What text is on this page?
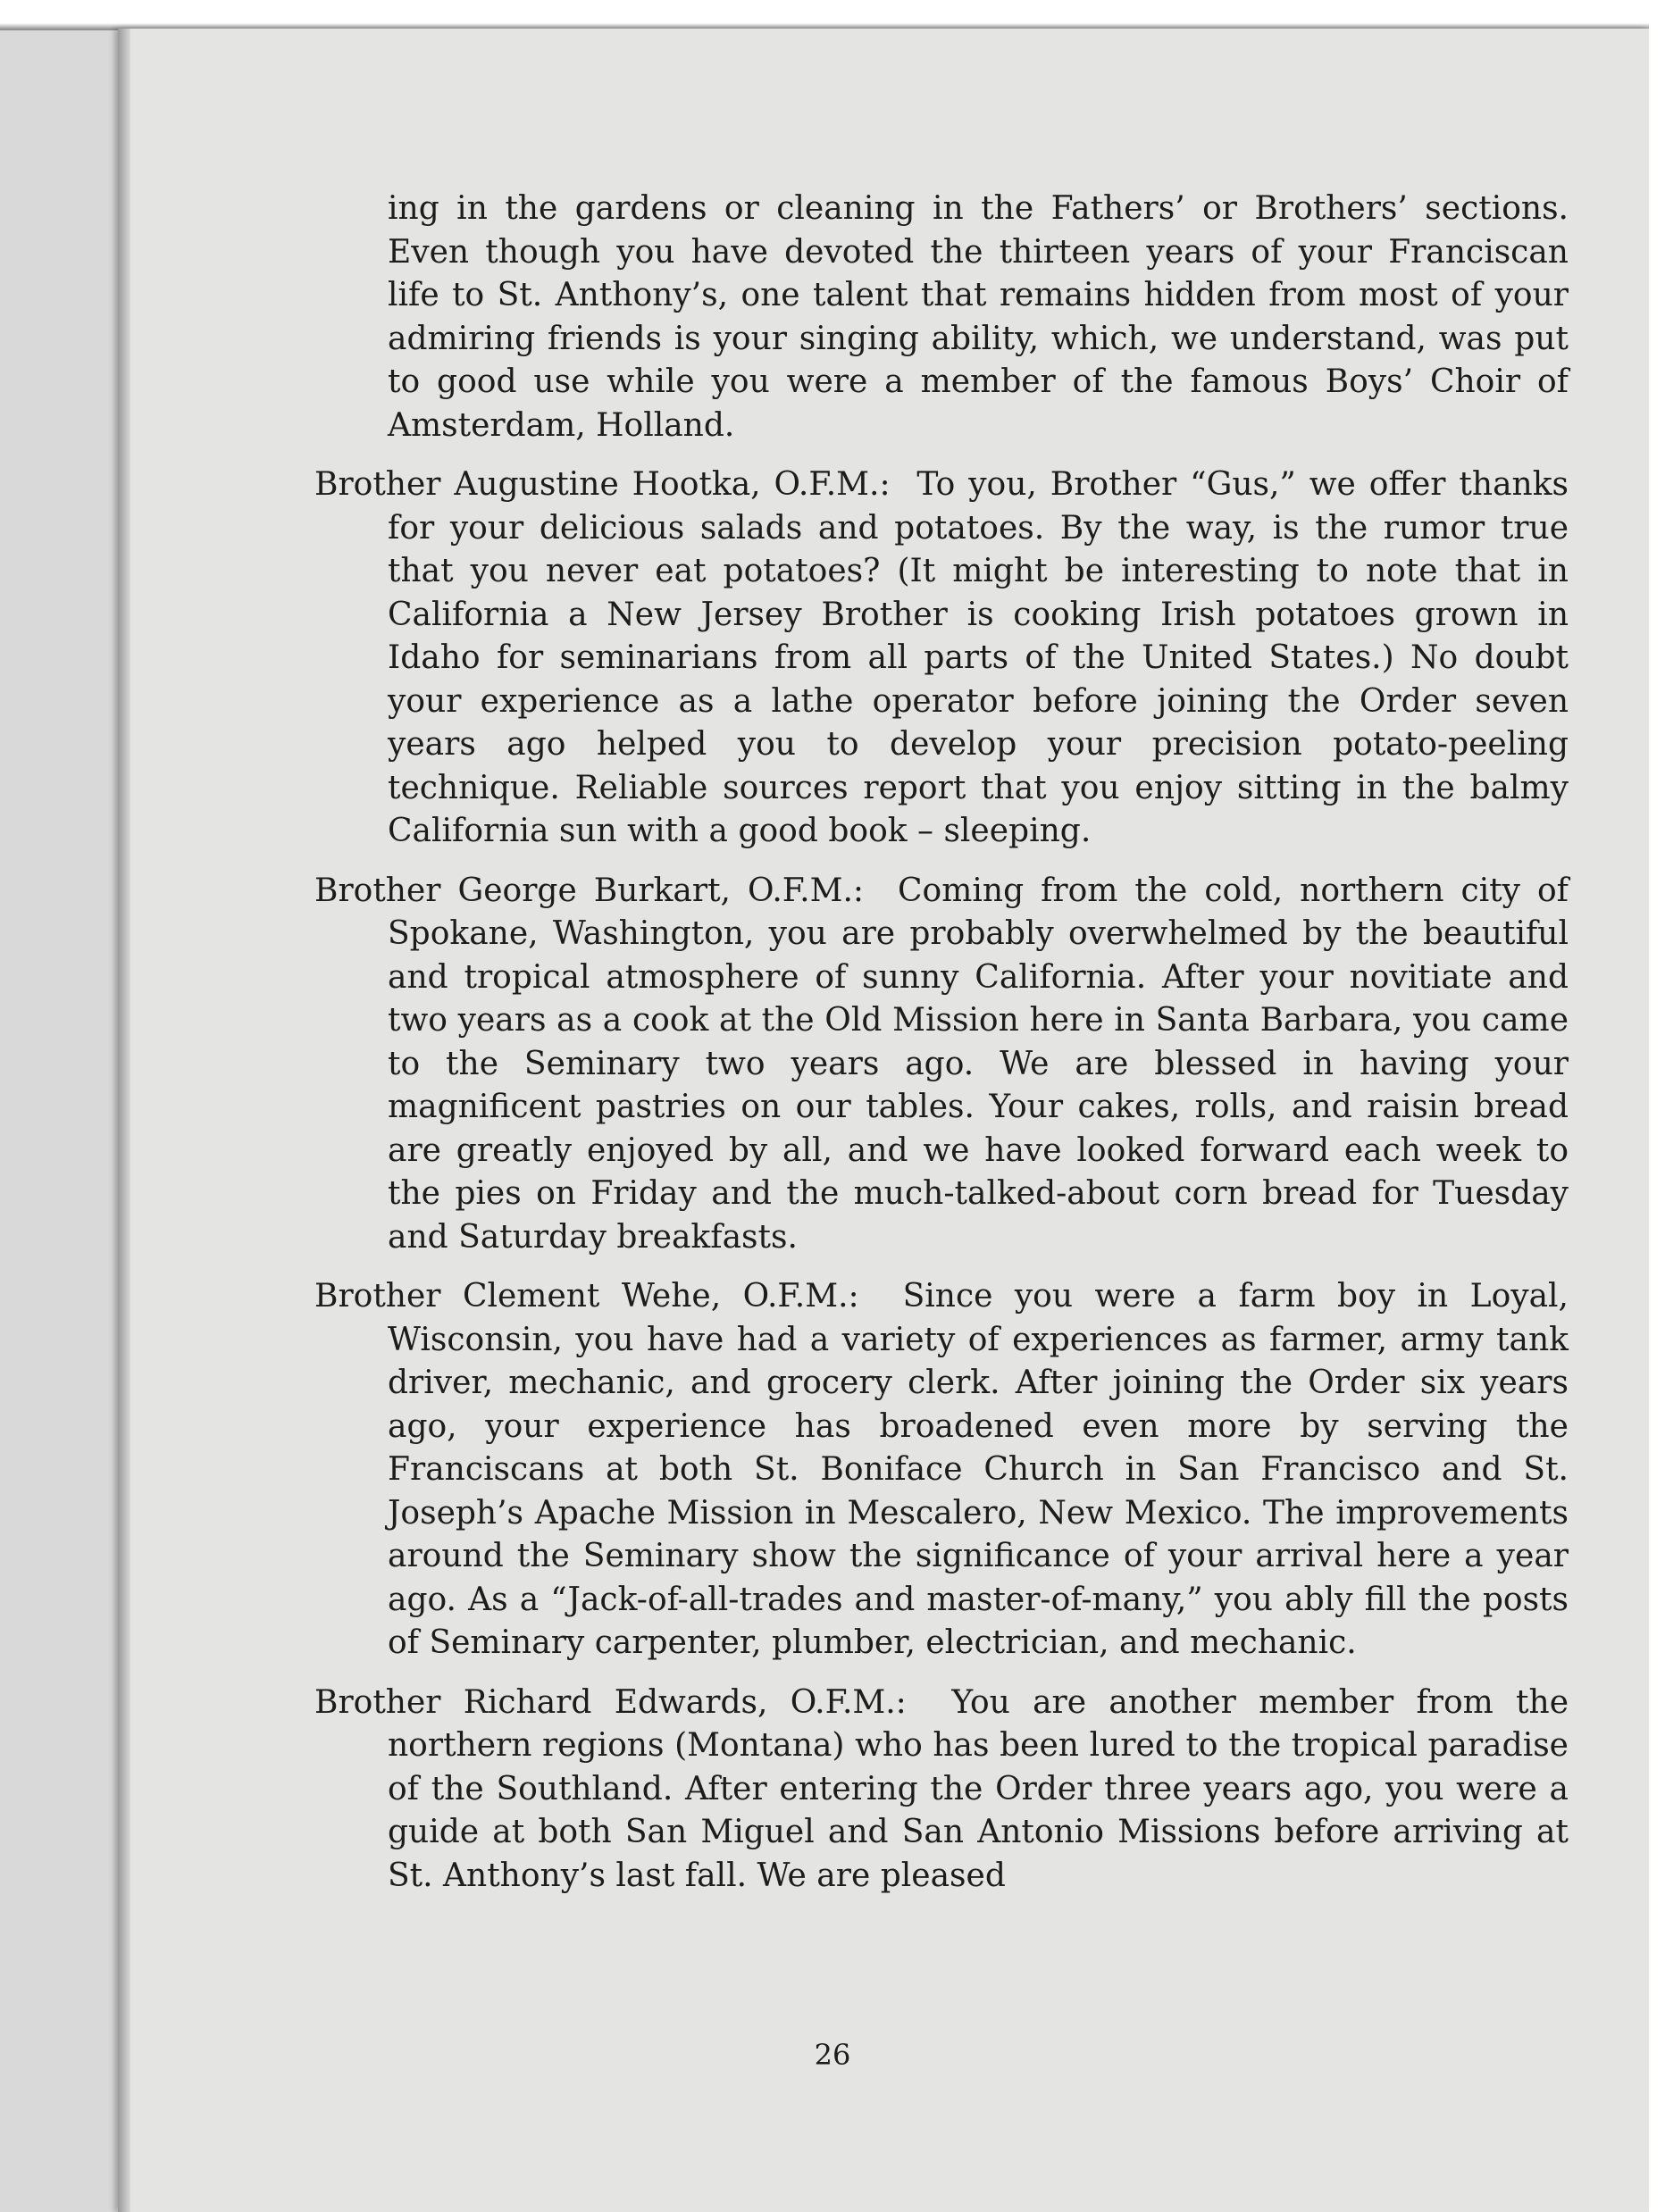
ing in the gardens or cleaning in the Fathers’ or Brothers’ sections. Even though you have devoted the thirteen years of your Franciscan life to St. Anthony’s, one talent that remains hidden from most of your admiring friends is your singing ability, which, we understand, was put to good use while you were a member of the famous Boys’ Choir of Amsterdam, Holland.

Brother Augustine Hootka, O.F.M.: To you, Brother “Gus,” we offer thanks for your delicious salads and potatoes. By the way, is the rumor true that you never eat potatoes? (It might be interesting to note that in California a New Jersey Brother is cooking Irish potatoes grown in Idaho for seminarians from all parts of the United States.) No doubt your experience as a lathe operator before joining the Order seven years ago helped you to develop your precision potato-peeling technique. Reliable sources report that you enjoy sitting in the balmy California sun with a good book – sleeping.

Brother George Burkart, O.F.M.: Coming from the cold, northern city of Spokane, Washington, you are probably overwhelmed by the beautiful and tropical atmosphere of sunny California. After your novitiate and two years as a cook at the Old Mission here in Santa Barbara, you came to the Seminary two years ago. We are blessed in having your magnificent pastries on our tables. Your cakes, rolls, and raisin bread are greatly enjoyed by all, and we have looked forward each week to the pies on Friday and the much-talked-about corn bread for Tuesday and Saturday breakfasts.

Brother Clement Wehe, O.F.M.: Since you were a farm boy in Loyal, Wisconsin, you have had a variety of experiences as farmer, army tank driver, mechanic, and grocery clerk. After joining the Order six years ago, your experience has broadened even more by serving the Franciscans at both St. Boniface Church in San Francisco and St. Joseph’s Apache Mission in Mescalero, New Mexico. The improvements around the Seminary show the significance of your arrival here a year ago. As a “Jack-of-all-trades and master-of-many,” you ably fill the posts of Seminary carpenter, plumber, electrician, and mechanic.

Brother Richard Edwards, O.F.M.: You are another member from the northern regions (Montana) who has been lured to the tropical paradise of the Southland. After entering the Order three years ago, you were a guide at both San Miguel and San Antonio Missions before arriving at St. Anthony’s last fall. We are pleased

26
